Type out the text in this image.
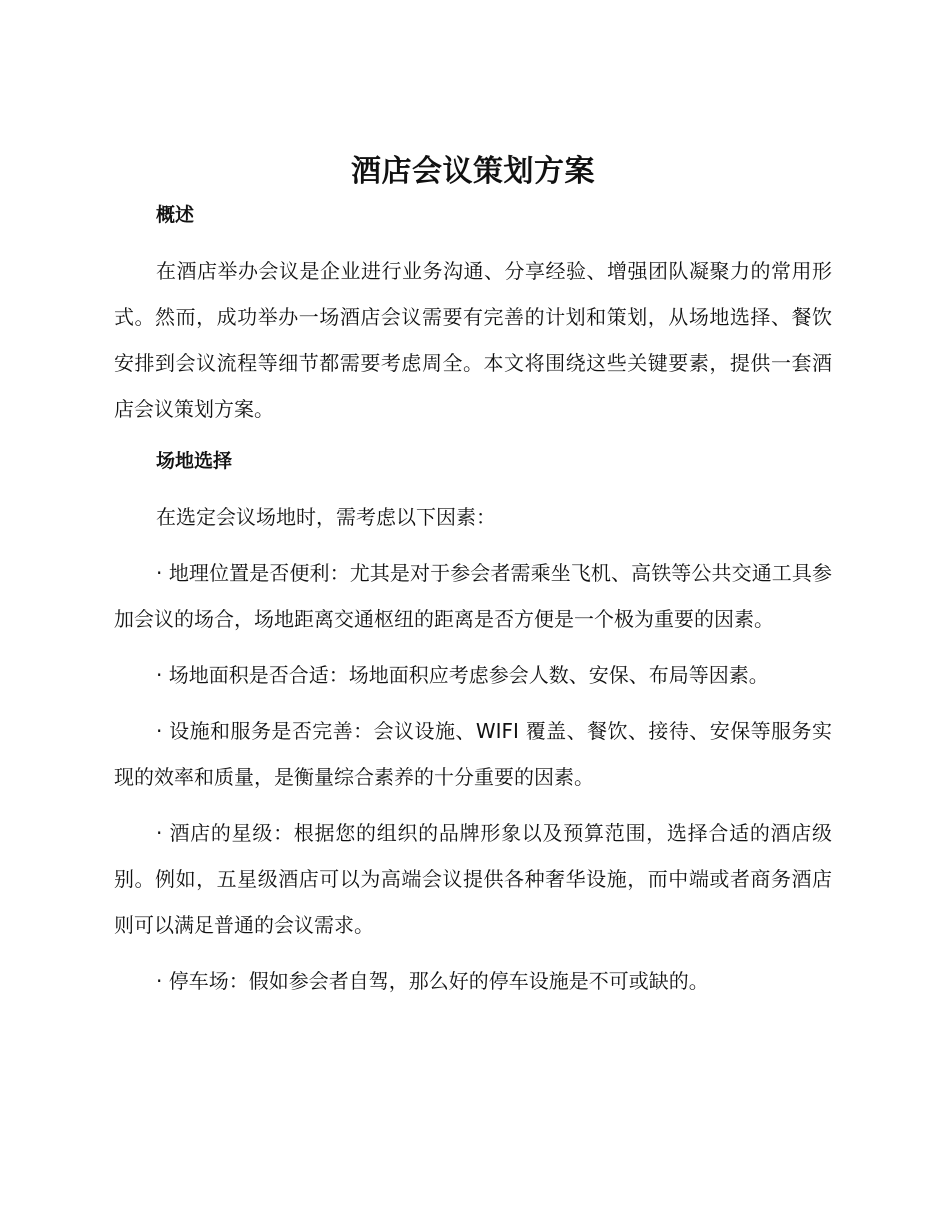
酒店会议策划方案
概述

在酒店举办会议是企业进行业务沟通、分享经验、增强团队凝聚力的常用形式。然而，成功举办一场酒店会议需要有完善的计划和策划，从场地选择、餐饮安排到会议流程等细节都需要考虑周全。本文将围绕这些关键要素，提供一套酒店会议策划方案。

场地选择

在选定会议场地时，需考虑以下因素：

· 地理位置是否便利：尤其是对于参会者需乘坐飞机、高铁等公共交通工具参加会议的场合，场地距离交通枢纽的距离是否方便是一个极为重要的因素。

· 场地面积是否合适：场地面积应考虑参会人数、安保、布局等因素。

· 设施和服务是否完善：会议设施、WIFI 覆盖、餐饮、接待、安保等服务实现的效率和质量，是衡量综合素养的十分重要的因素。

· 酒店的星级：根据您的组织的品牌形象以及预算范围，选择合适的酒店级别。例如，五星级酒店可以为高端会议提供各种奢华设施，而中端或者商务酒店则可以满足普通的会议需求。

· 停车场：假如参会者自驾，那么好的停车设施是不可或缺的。
